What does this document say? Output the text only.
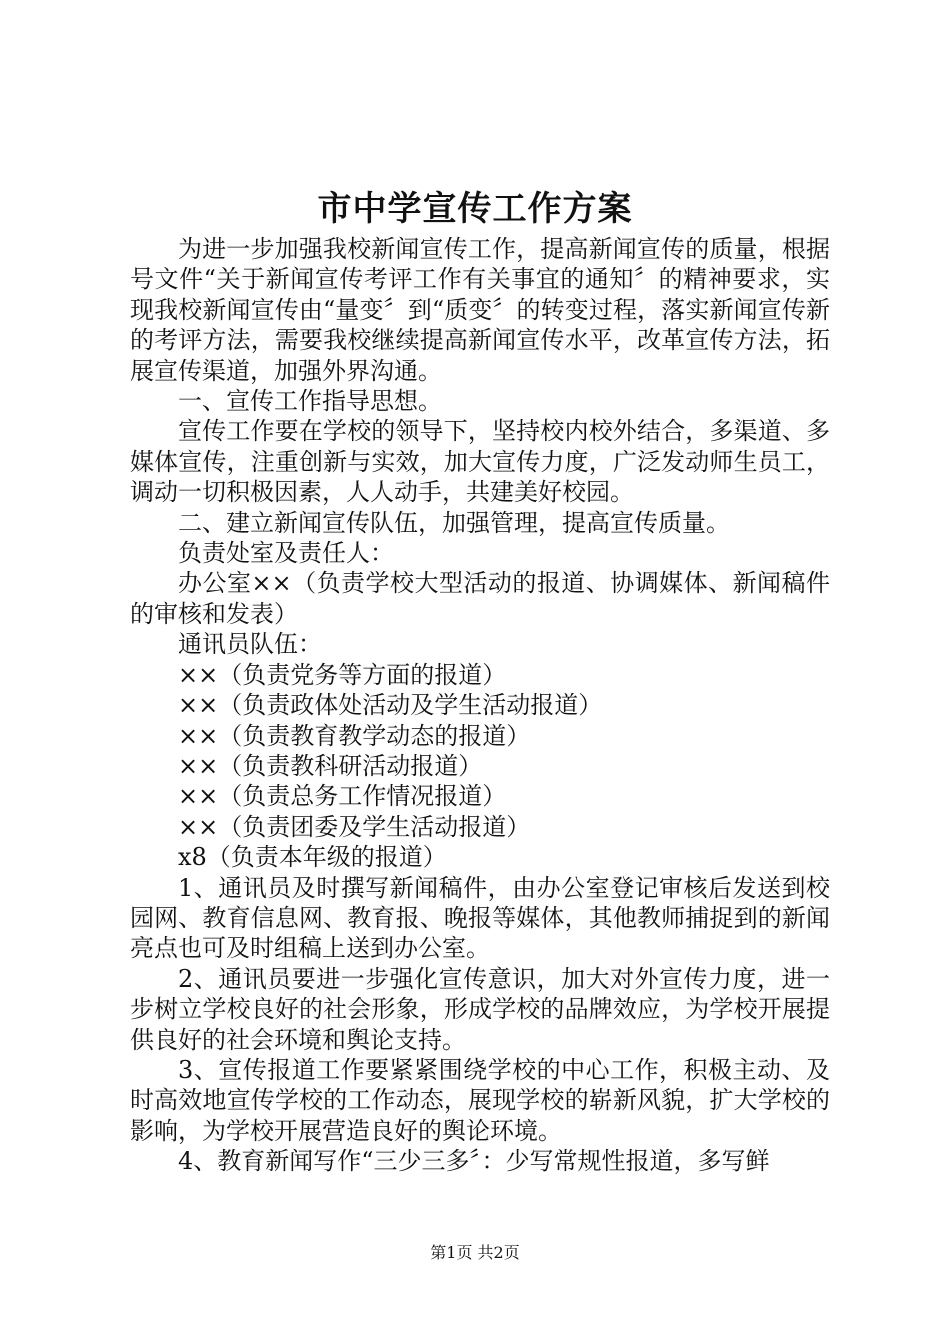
市中学宣传工作方案

为进一步加强我校新闻宣传工作，提高新闻宣传的质量，根据号文件“关于新闻宣传考评工作有关事宜的通知〞的精神要求，实现我校新闻宣传由“量变〞到“质变〞的转变过程，落实新闻宣传新的考评方法，需要我校继续提高新闻宣传水平，改革宣传方法，拓展宣传渠道，加强外界沟通。

一、宣传工作指导思想。

宣传工作要在学校的领导下，坚持校内校外结合，多渠道、多媒体宣传，注重创新与实效，加大宣传力度，广泛发动师生员工，调动一切积极因素，人人动手，共建美好校园。

二、建立新闻宣传队伍，加强管理，提高宣传质量。

负责处室及责任人：

办公室××（负责学校大型活动的报道、协调媒体、新闻稿件的审核和发表）

通讯员队伍：

××（负责党务等方面的报道）

××（负责政体处活动及学生活动报道）

××（负责教育教学动态的报道）

××（负责教科研活动报道）

××（负责总务工作情况报道）

××（负责团委及学生活动报道）

x8（负责本年级的报道）

1、通讯员及时撰写新闻稿件，由办公室登记审核后发送到校园网、教育信息网、教育报、晚报等媒体，其他教师捕捉到的新闻亮点也可及时组稿上送到办公室。

2、通讯员要进一步强化宣传意识，加大对外宣传力度，进一步树立学校良好的社会形象，形成学校的品牌效应，为学校开展提供良好的社会环境和舆论支持。

3、宣传报道工作要紧紧围绕学校的中心工作，积极主动、及时高效地宣传学校的工作动态，展现学校的崭新风貌，扩大学校的影响，为学校开展营造良好的舆论环境。

4、教育新闻写作“三少三多〞：少写常规性报道，多写鲜

第1页 共2页
